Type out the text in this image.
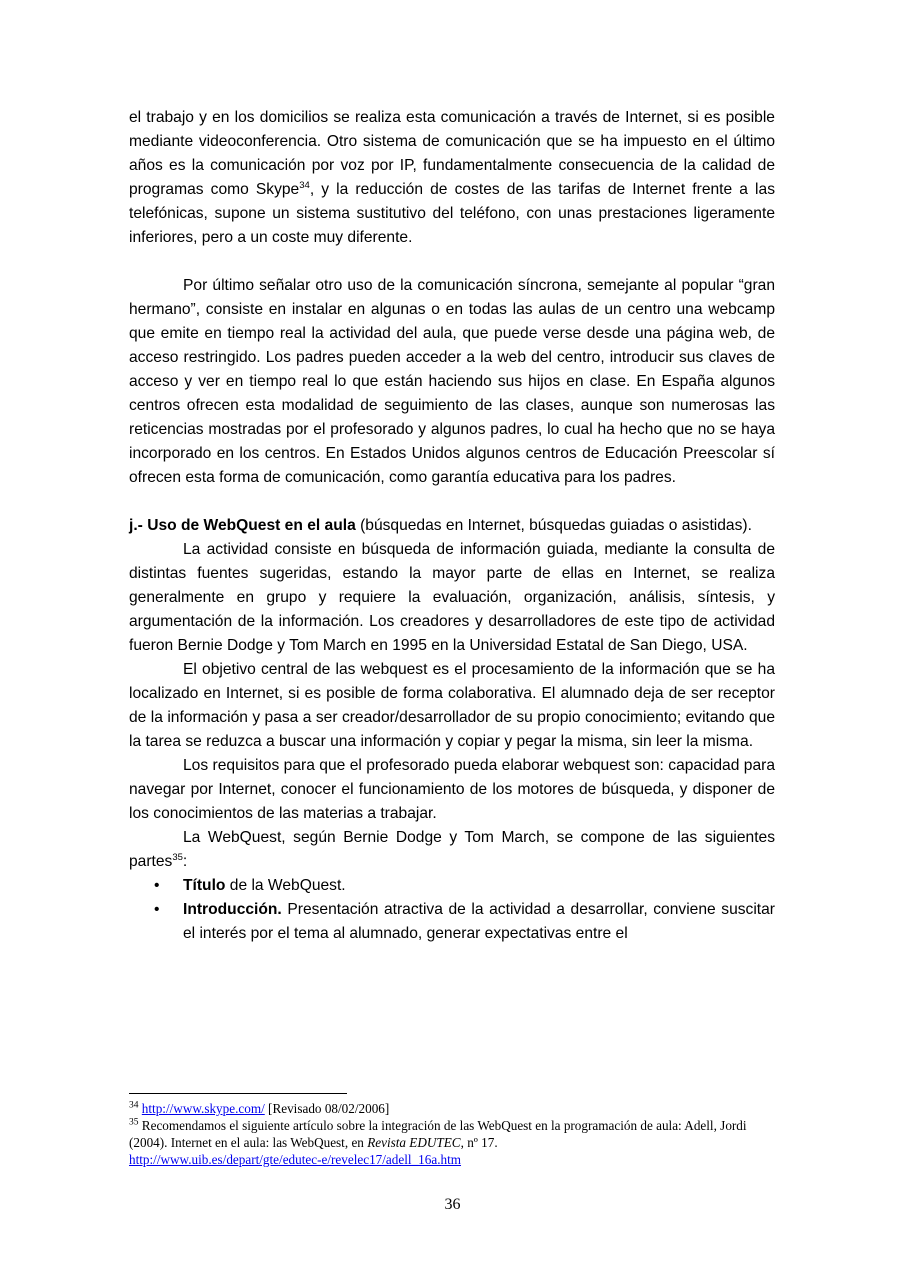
el trabajo y en los domicilios se realiza esta comunicación a través de Internet, si es posible mediante videoconferencia. Otro sistema de comunicación que se ha impuesto en el último años es la comunicación por voz por IP, fundamentalmente consecuencia de la calidad de programas como Skype$^{34}$, y la reducción de costes de las tarifas de Internet frente a las telefónicas, supone un sistema sustitutivo del teléfono, con unas prestaciones ligeramente inferiores, pero a un coste muy diferente.

Por último señalar otro uso de la comunicación síncrona, semejante al popular “gran hermano”, consiste en instalar en algunas o en todas las aulas de un centro una webcamp que emite en tiempo real la actividad del aula, que puede verse desde una página web, de acceso restringido. Los padres pueden acceder a la web del centro, introducir sus claves de acceso y ver en tiempo real lo que están haciendo sus hijos en clase. En España algunos centros ofrecen esta modalidad de seguimiento de las clases, aunque son numerosas las reticencias mostradas por el profesorado y algunos padres, lo cual ha hecho que no se haya incorporado en los centros. En Estados Unidos algunos centros de Educación Preescolar sí ofrecen esta forma de comunicación, como garantía educativa para los padres.

j.- Uso de WebQuest en el aula (búsquedas en Internet, búsquedas guiadas o asistidas).

La actividad consiste en búsqueda de información guiada, mediante la consulta de distintas fuentes sugeridas, estando la mayor parte de ellas en Internet, se realiza generalmente en grupo y requiere la evaluación, organización, análisis, síntesis, y argumentación de la información. Los creadores y desarrolladores de este tipo de actividad fueron Bernie Dodge y Tom March en 1995 en la Universidad Estatal de San Diego, USA.

El objetivo central de las webquest es el procesamiento de la información que se ha localizado en Internet, si es posible de forma colaborativa. El alumnado deja de ser receptor de la información y pasa a ser creador/desarrollador de su propio conocimiento; evitando que la tarea se reduzca a buscar una información y copiar y pegar la misma, sin leer la misma.

Los requisitos para que el profesorado pueda elaborar webquest son: capacidad para navegar por Internet, conocer el funcionamiento de los motores de búsqueda, y disponer de los conocimientos de las materias a trabajar.

La WebQuest, según Bernie Dodge y Tom March, se compone de las siguientes partes$^{35}$:

• Título de la WebQuest.
• Introducción. Presentación atractiva de la actividad a desarrollar, conviene suscitar el interés por el tema al alumnado, generar expectativas entre el

$^{34}$ http://www.skype.com/ [Revisado 08/02/2006]

$^{35}$ Recomendamos el siguiente artículo sobre la integración de las WebQuest en la programación de aula: Adell, Jordi (2004). Internet en el aula: las WebQuest, en Revista EDUTEC, nº 17.
http://www.uib.es/depart/gte/edutec-e/revelec17/adell_16a.htm

36
